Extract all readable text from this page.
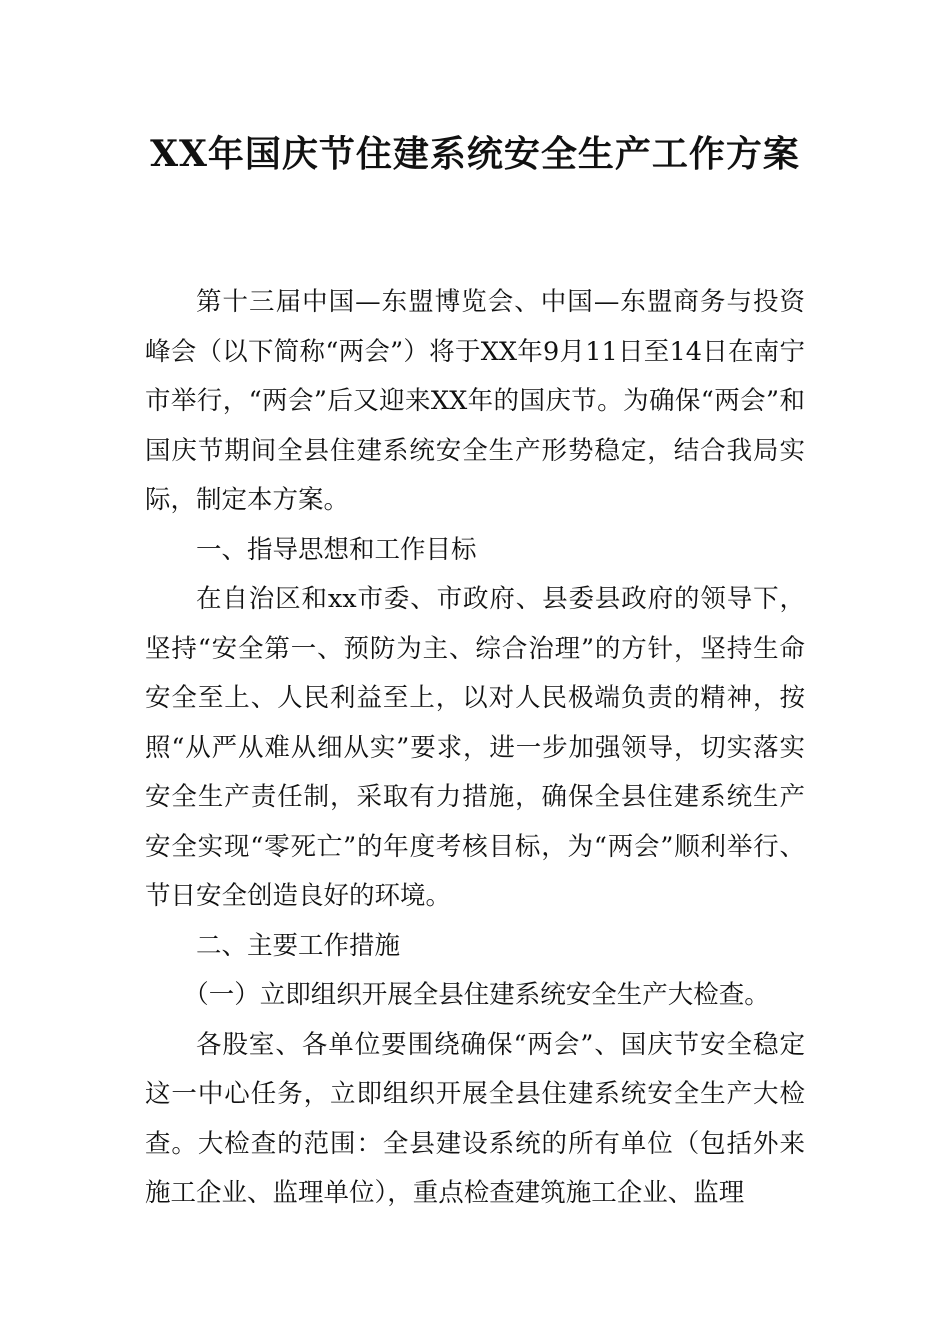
XX年国庆节住建系统安全生产工作方案

第十三届中国—东盟博览会、中国—东盟商务与投资峰会（以下简称“两会”）将于XX年9月11日至14日在南宁市举行，“两会”后又迎来XX年的国庆节。为确保“两会”和国庆节期间全县住建系统安全生产形势稳定，结合我局实际，制定本方案。

一、指导思想和工作目标

在自治区和xx市委、市政府、县委县政府的领导下，坚持“安全第一、预防为主、综合治理”的方针，坚持生命安全至上、人民利益至上，以对人民极端负责的精神，按照“从严从难从细从实”要求，进一步加强领导，切实落实安全生产责任制，采取有力措施，确保全县住建系统生产安全实现“零死亡”的年度考核目标，为“两会”顺利举行、节日安全创造良好的环境。

二、主要工作措施

（一）立即组织开展全县住建系统安全生产大检查。

各股室、各单位要围绕确保“两会”、国庆节安全稳定这一中心任务，立即组织开展全县住建系统安全生产大检查。大检查的范围：全县建设系统的所有单位（包括外来施工企业、监理单位），重点检查建筑施工企业、监理
